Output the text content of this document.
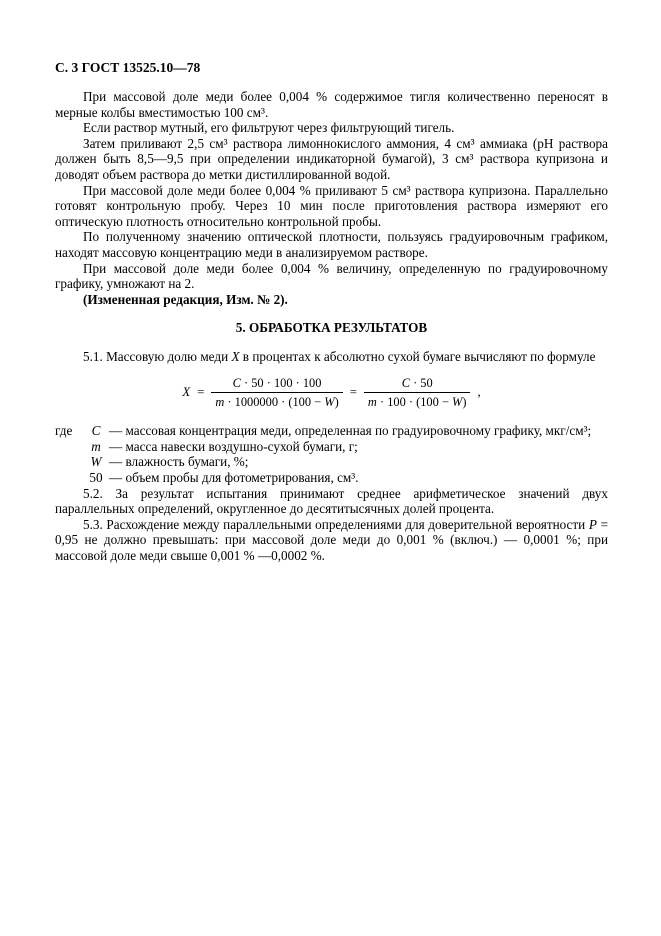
С. 3 ГОСТ 13525.10—78

При массовой доле меди более 0,004 % содержимое тигля количественно переносят в мерные колбы вместимостью 100 см³.

Если раствор мутный, его фильтруют через фильтрующий тигель.

Затем приливают 2,5 см³ раствора лимоннокислого аммония, 4 см³ аммиака (рН раствора должен быть 8,5—9,5 при определении индикаторной бумагой), 3 см³ раствора купризона и доводят объем раствора до метки дистиллированной водой.

При массовой доле меди более 0,004 % приливают 5 см³ раствора купризона. Параллельно готовят контрольную пробу. Через 10 мин после приготовления раствора измеряют его оптическую плотность относительно контрольной пробы.

По полученному значению оптической плотности, пользуясь градуировочным графиком, находят массовую концентрацию меди в анализируемом растворе.

При массовой доле меди более 0,004 % величину, определенную по градуировочному графику, умножают на 2.

(Измененная редакция, Изм. № 2).

5. ОБРАБОТКА РЕЗУЛЬТАТОВ

5.1. Массовую долю меди X в процентах к абсолютно сухой бумаге вычисляют по формуле

$X = \frac{C \cdot 50 \cdot 100 \cdot 100}{m \cdot 1000000 \cdot (100 - W)} = \frac{C \cdot 50}{m \cdot 100 \cdot (100 - W)}$ ,
где	C — массовая концентрация меди, определенная по градуировочному графику, мкг/см³;
m — масса навески воздушно-сухой бумаги, г;
W — влажность бумаги, %;
50 — объем пробы для фотометрирования, см³.

5.2. За результат испытания принимают среднее арифметическое значений двух параллельных определений, округленное до десятитысячных долей процента.

5.3. Расхождение между параллельными определениями для доверительной вероятности P = 0,95 не должно превышать: при массовой доле меди до 0,001 % (включ.) — 0,0001 %; при массовой доле меди свыше 0,001 % —0,0002 %.
